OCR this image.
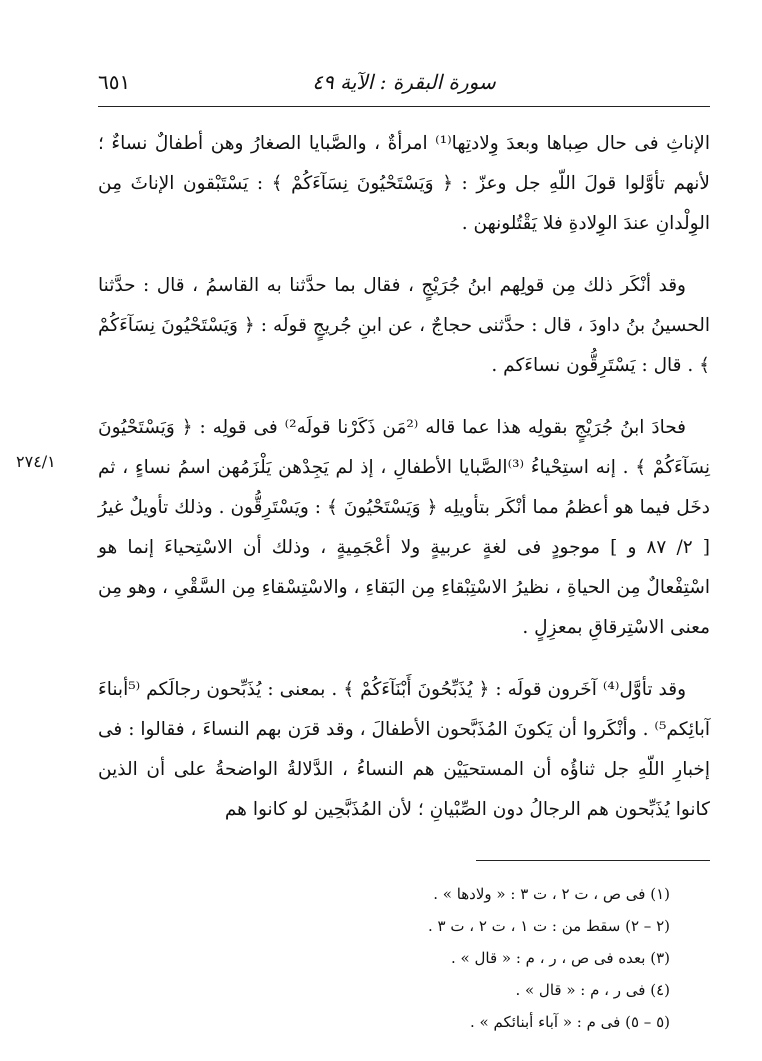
٦٥١	سورة البقرة : الآية ٤٩
٢٧٤/١

الإناثِ فى حال صِباها وبعدَ وِلادتِها⁽¹⁾ امرأةٌ ، والصَّبايا الصغارُ وهن أطفالٌ نساءٌ ؛ لأنهم تأوَّلوا قولَ اللّهِ جل وعزّ : ﴿ وَيَسْتَحْيُونَ نِسَآءَكُمْ ﴾ : يَسْتَبْقون الإناثَ مِن الوِلْدانِ عندَ الوِلادةِ فلا يَقْتُلونهن .

وقد أنْكَر ذلك مِن قولِهم ابنُ جُرَيْجٍ ، فقال بما حدَّثنا به القاسمُ ، قال : حدَّثنا الحسينُ بنُ داودَ ، قال : حدَّثنى حجاجٌ ، عن ابنِ جُريجٍ قولَه : ﴿ وَيَسْتَحْيُونَ نِسَآءَكُمْ ﴾ . قال : يَسْتَرِقُّون نساءَكم .

فحادَ ابنُ جُرَيْجٍ بقولِه هذا عما قاله ⁽²مَن ذَكَرْنا قولَه²⁾ فى قولِه : ﴿ وَيَسْتَحْيُونَ نِسَآءَكُمْ ﴾ . إنه استِحْياءُ ⁽³⁾الصَّبايا الأطفالِ ، إذ لم يَجِدْهن يَلْزَمُهن اسمُ نساءٍ ، ثم دخَل فيما هو أعظمُ مما أنْكَر بتأويلِه ﴿ وَيَسْتَحْيُونَ ﴾ : ويَسْتَرِقُّون . وذلك تأويلٌ غيرُ [ ٢/ ٨٧ و ] موجودٍ فى لغةٍ عربيةٍ ولا أعْجَمِيةٍ ، وذلك أن الاسْتِحياءَ إنما هو اسْتِفْعالٌ مِن الحياةِ ، نظيرُ الاسْتِبْقاءِ مِن البَقاءِ ، والاسْتِسْقاءِ مِن السَّقْىِ ، وهو مِن معنى الاسْتِرقاقِ بمعزِلٍ .

وقد تأوَّل⁽⁴⁾ آخَرون قولَه : ﴿ يُذَبِّحُونَ أَبْنَآءَكُمْ ﴾ . بمعنى : يُذَبِّحون رجالَكم ⁽⁵أبناءَ آبائِكم⁵⁾ . وأنْكَروا أن يَكونَ المُذَبَّحون الأطفالَ ، وقد قرَن بهم النساءَ ، فقالوا : فى إخبارِ اللّهِ جل ثناؤُه أن المستحيَيْن هم النساءُ ، الدَّلالةُ الواضحةُ على أن الذين كانوا يُذَبِّحون هم الرجالُ دون الصِّبْيانِ ؛ لأن المُذَبَّحِين لو كانوا هم

(١) فى ص ، ت ٢ ، ت ٣ : « ولادها » .

(٢ – ٢) سقط من : ت ١ ، ت ٢ ، ت ٣ .

(٣) بعده فى ص ، ر ، م : « قال » .

(٤) فى ر ، م : « قال » .

(٥ – ٥) فى م : « آباء أبنائكم » .
